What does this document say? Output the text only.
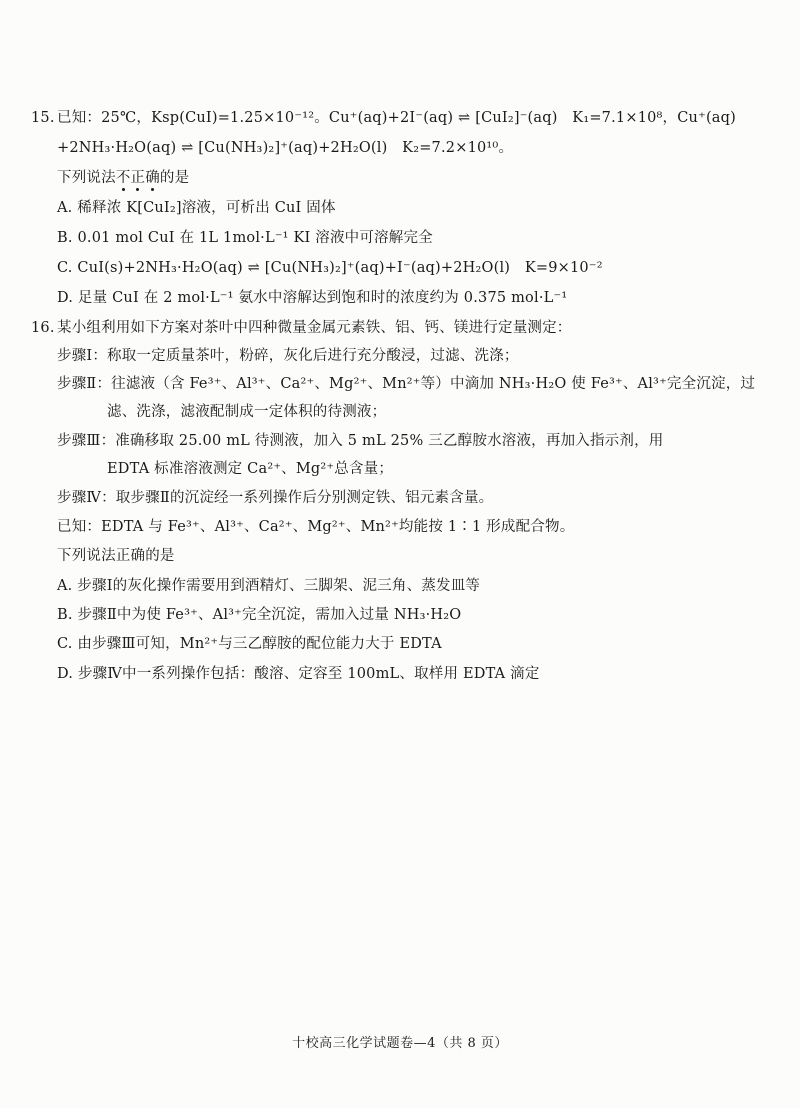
15. 已知：25℃，Ksp(CuI)=1.25×10⁻¹²。Cu⁺(aq)+2I⁻(aq) ⇌ [CuI₂]⁻(aq)　K₁=7.1×10⁸，Cu⁺(aq)
+2NH₃·H₂O(aq) ⇌ [Cu(NH₃)₂]⁺(aq)+2H₂O(l)　K₂=7.2×10¹⁰。
下列说法不正确的是
A. 稀释浓 K[CuI₂]溶液，可析出 CuI 固体
B. 0.01 mol CuI 在 1L 1mol·L⁻¹ KI 溶液中可溶解完全
C. CuI(s)+2NH₃·H₂O(aq) ⇌ [Cu(NH₃)₂]⁺(aq)+I⁻(aq)+2H₂O(l)　K=9×10⁻²
D. 足量 CuI 在 2 mol·L⁻¹ 氨水中溶解达到饱和时的浓度约为 0.375 mol·L⁻¹
16. 某小组利用如下方案对茶叶中四种微量金属元素铁、铝、钙、镁进行定量测定：
步骤Ⅰ：称取一定质量茶叶，粉碎，灰化后进行充分酸浸，过滤、洗涤；
步骤Ⅱ：往滤液（含 Fe³⁺、Al³⁺、Ca²⁺、Mg²⁺、Mn²⁺等）中滴加 NH₃·H₂O 使 Fe³⁺、Al³⁺完全沉淀，过
滤、洗涤，滤液配制成一定体积的待测液；
步骤Ⅲ：准确移取 25.00 mL 待测液，加入 5 mL 25% 三乙醇胺水溶液，再加入指示剂，用
EDTA 标准溶液测定 Ca²⁺、Mg²⁺总含量；
步骤Ⅳ：取步骤Ⅱ的沉淀经一系列操作后分别测定铁、铝元素含量。
已知：EDTA 与 Fe³⁺、Al³⁺、Ca²⁺、Mg²⁺、Mn²⁺均能按 1∶1 形成配合物。
下列说法正确的是
A. 步骤Ⅰ的灰化操作需要用到酒精灯、三脚架、泥三角、蒸发皿等
B. 步骤Ⅱ中为使 Fe³⁺、Al³⁺完全沉淀，需加入过量 NH₃·H₂O
C. 由步骤Ⅲ可知，Mn²⁺与三乙醇胺的配位能力大于 EDTA
D. 步骤Ⅳ中一系列操作包括：酸溶、定容至 100mL、取样用 EDTA 滴定
十校高三化学试题卷—4（共 8 页）
